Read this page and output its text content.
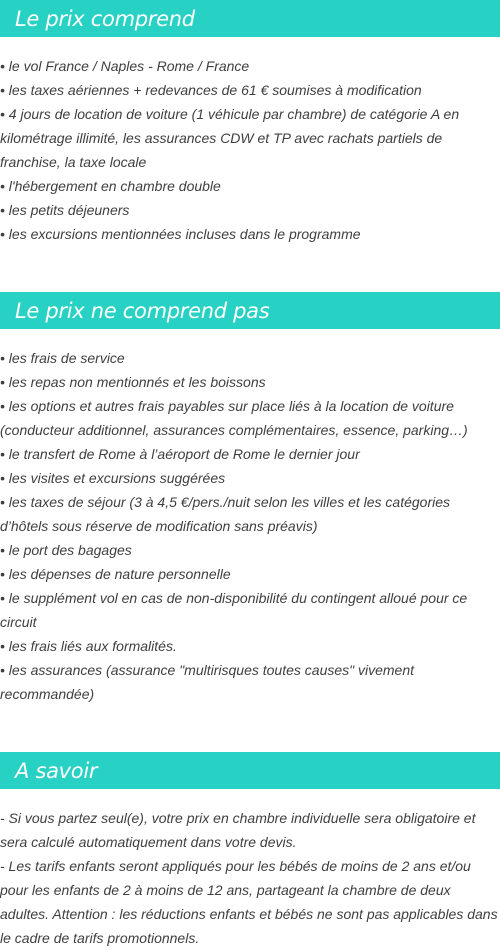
Le prix comprend
• le vol France / Naples - Rome / France
• les taxes aériennes + redevances de 61 € soumises à modification
• 4 jours de location de voiture (1 véhicule par chambre) de catégorie A en kilométrage illimité, les assurances CDW et TP avec rachats partiels de franchise, la taxe locale
• l'hébergement en chambre double
• les petits déjeuners
• les excursions mentionnées incluses dans le programme
Le prix ne comprend pas
• les frais de service
• les repas non mentionnés et les boissons
• les options et autres frais payables sur place liés à la location de voiture (conducteur additionnel, assurances complémentaires, essence, parking…)
• le transfert de Rome à l’aéroport de Rome le dernier jour
• les visites et excursions suggérées
• les taxes de séjour (3 à 4,5 €/pers./nuit selon les villes et les catégories d’hôtels sous réserve de modification sans préavis)
• le port des bagages
• les dépenses de nature personnelle
• le supplément vol en cas de non-disponibilité du contingent alloué pour ce circuit
• les frais liés aux formalités.
• les assurances (assurance "multirisques toutes causes" vivement recommandée)
A savoir
- Si vous partez seul(e), votre prix en chambre individuelle sera obligatoire et sera calculé automatiquement dans votre devis.
- Les tarifs enfants seront appliqués pour les bébés de moins de 2 ans et/ou pour les enfants de 2 à moins de 12 ans, partageant la chambre de deux adultes. Attention : les réductions enfants et bébés ne sont pas applicables dans le cadre de tarifs promotionnels.
